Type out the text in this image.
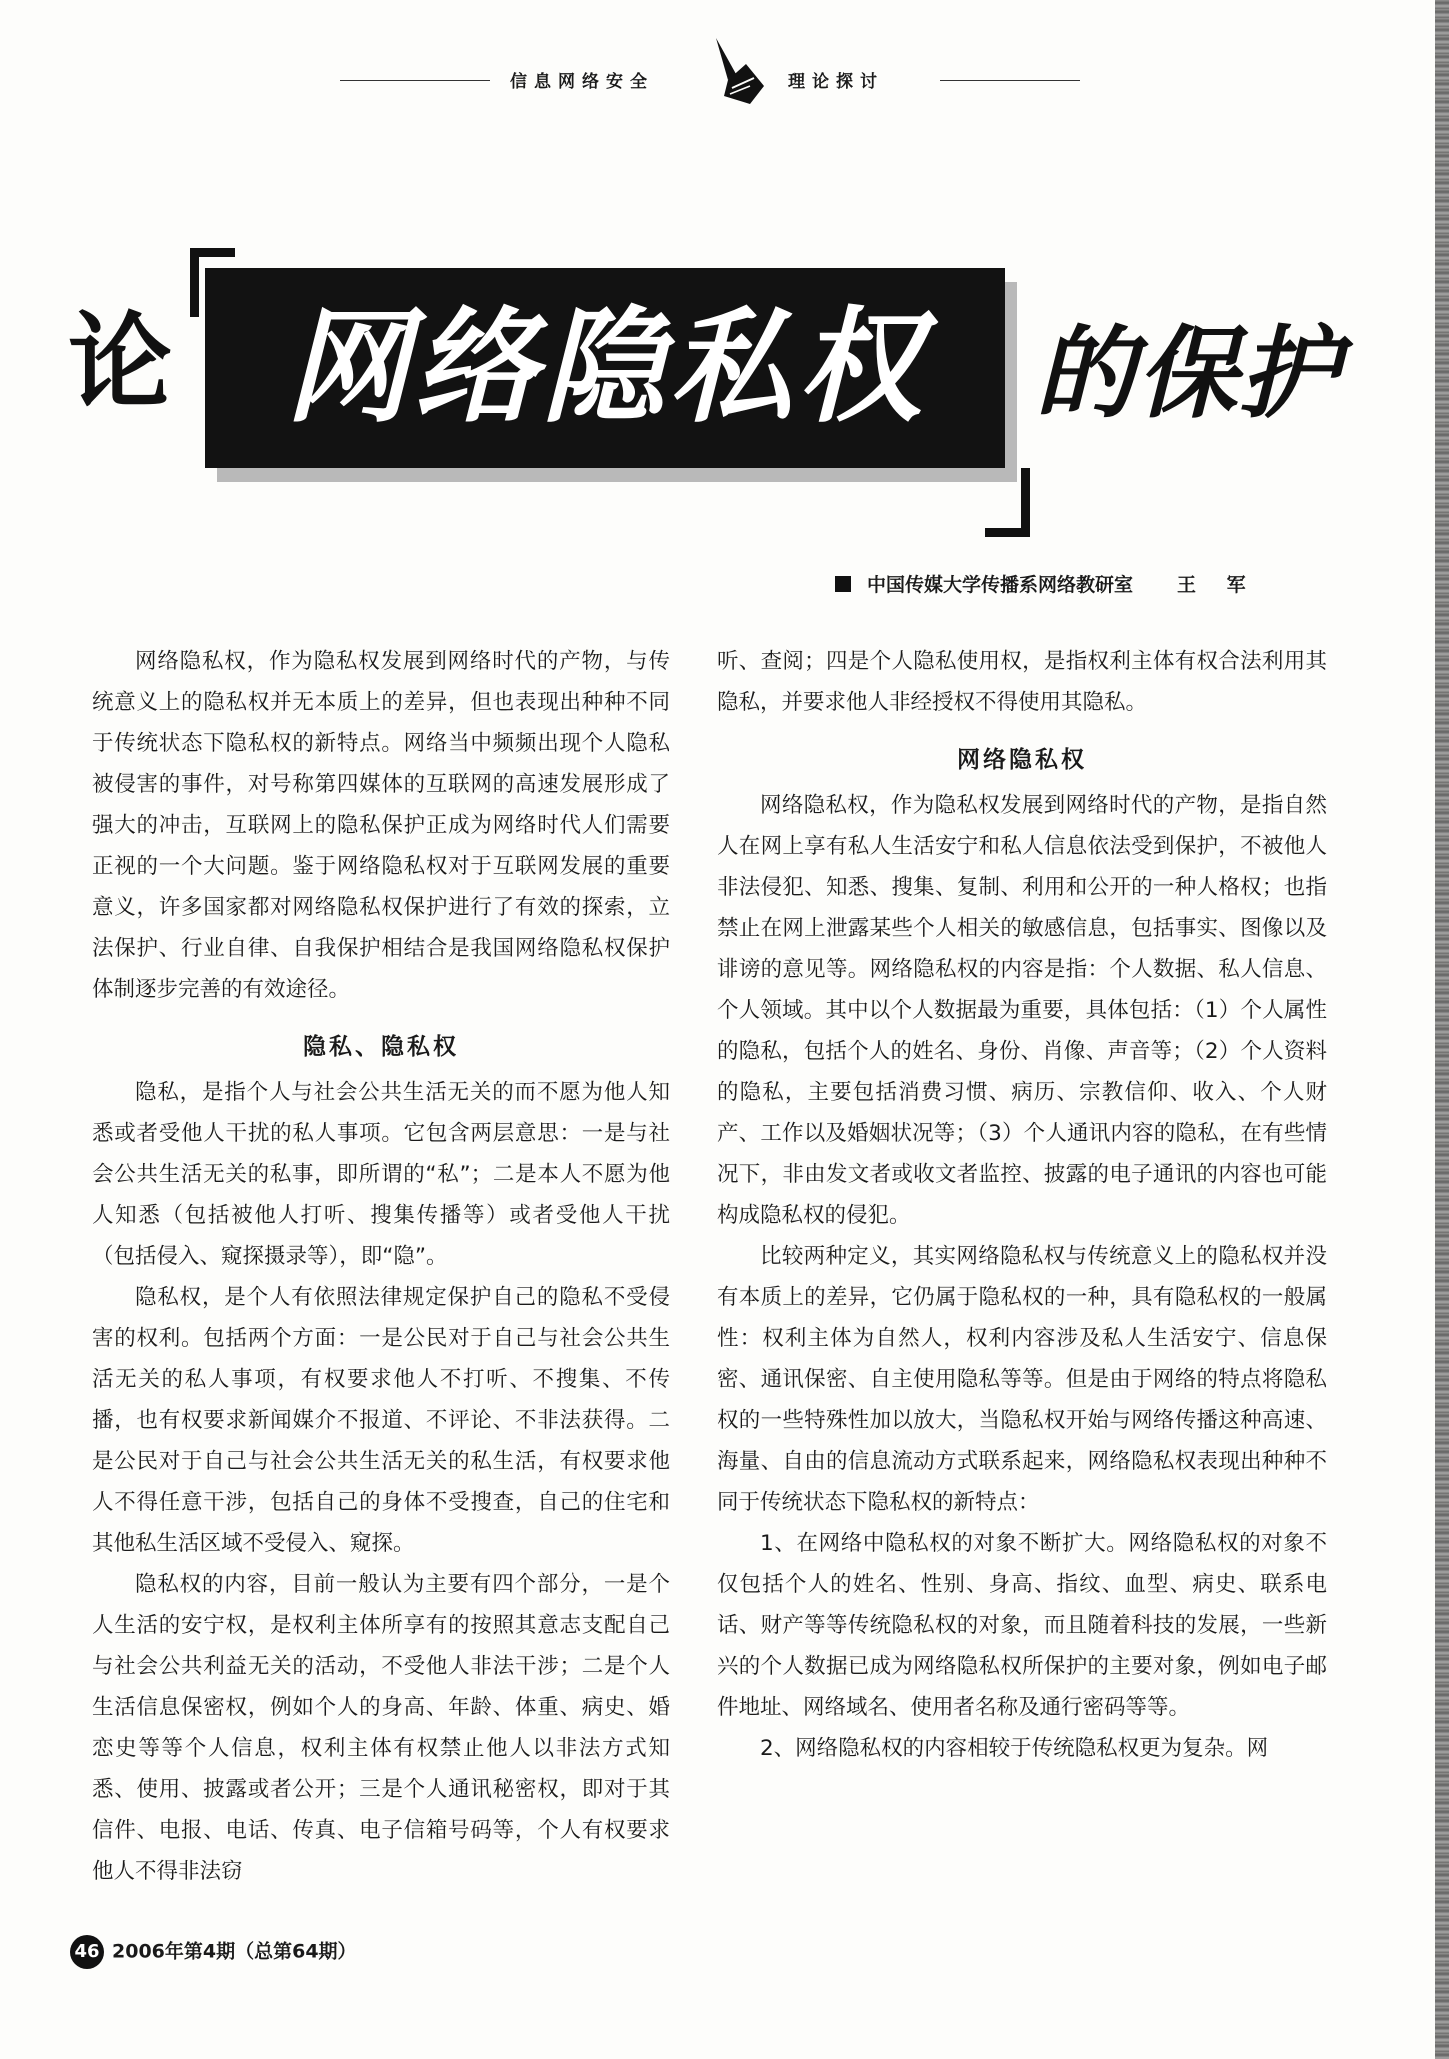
信息网络安全	理论探讨
论 网络隐私权	的保护
中国传媒大学传播系网络教研室 王 军

网络隐私权，作为隐私权发展到网络时代的产物，与传统意义上的隐私权并无本质上的差异，但也表现出种种不同于传统状态下隐私权的新特点。网络当中频频出现个人隐私被侵害的事件，对号称第四媒体的互联网的高速发展形成了强大的冲击，互联网上的隐私保护正成为网络时代人们需要正视的一个大问题。鉴于网络隐私权对于互联网发展的重要意义，许多国家都对网络隐私权保护进行了有效的探索，立法保护、行业自律、自我保护相结合是我国网络隐私权保护体制逐步完善的有效途径。

隐私、隐私权

隐私，是指个人与社会公共生活无关的而不愿为他人知悉或者受他人干扰的私人事项。它包含两层意思：一是与社会公共生活无关的私事，即所谓的“私”；二是本人不愿为他人知悉（包括被他人打听、搜集传播等）或者受他人干扰（包括侵入、窥探摄录等），即“隐”。

隐私权，是个人有依照法律规定保护自己的隐私不受侵害的权利。包括两个方面：一是公民对于自己与社会公共生活无关的私人事项，有权要求他人不打听、不搜集、不传播，也有权要求新闻媒介不报道、不评论、不非法获得。二是公民对于自己与社会公共生活无关的私生活，有权要求他人不得任意干涉，包括自己的身体不受搜查，自己的住宅和其他私生活区域不受侵入、窥探。

隐私权的内容，目前一般认为主要有四个部分，一是个人生活的安宁权，是权利主体所享有的按照其意志支配自己与社会公共利益无关的活动，不受他人非法干涉；二是个人生活信息保密权，例如个人的身高、年龄、体重、病史、婚恋史等等个人信息，权利主体有权禁止他人以非法方式知悉、使用、披露或者公开；三是个人通讯秘密权，即对于其信件、电报、电话、传真、电子信箱号码等，个人有权要求他人不得非法窃

听、查阅；四是个人隐私使用权，是指权利主体有权合法利用其隐私，并要求他人非经授权不得使用其隐私。

网络隐私权

网络隐私权，作为隐私权发展到网络时代的产物，是指自然人在网上享有私人生活安宁和私人信息依法受到保护，不被他人非法侵犯、知悉、搜集、复制、利用和公开的一种人格权；也指禁止在网上泄露某些个人相关的敏感信息，包括事实、图像以及诽谤的意见等。网络隐私权的内容是指：个人数据、私人信息、个人领域。其中以个人数据最为重要，具体包括：（1）个人属性的隐私，包括个人的姓名、身份、肖像、声音等；（2）个人资料的隐私，主要包括消费习惯、病历、宗教信仰、收入、个人财产、工作以及婚姻状况等；（3）个人通讯内容的隐私，在有些情况下，非由发文者或收文者监控、披露的电子通讯的内容也可能构成隐私权的侵犯。

比较两种定义，其实网络隐私权与传统意义上的隐私权并没有本质上的差异，它仍属于隐私权的一种，具有隐私权的一般属性：权利主体为自然人，权利内容涉及私人生活安宁、信息保密、通讯保密、自主使用隐私等等。但是由于网络的特点将隐私权的一些特殊性加以放大，当隐私权开始与网络传播这种高速、海量、自由的信息流动方式联系起来，网络隐私权表现出种种不同于传统状态下隐私权的新特点：

1、在网络中隐私权的对象不断扩大。网络隐私权的对象不仅包括个人的姓名、性别、身高、指纹、血型、病史、联系电话、财产等等传统隐私权的对象，而且随着科技的发展，一些新兴的个人数据已成为网络隐私权所保护的主要对象，例如电子邮件地址、网络域名、使用者名称及通行密码等等。

2、网络隐私权的内容相较于传统隐私权更为复杂。网

46 2006年第4期（总第64期）
